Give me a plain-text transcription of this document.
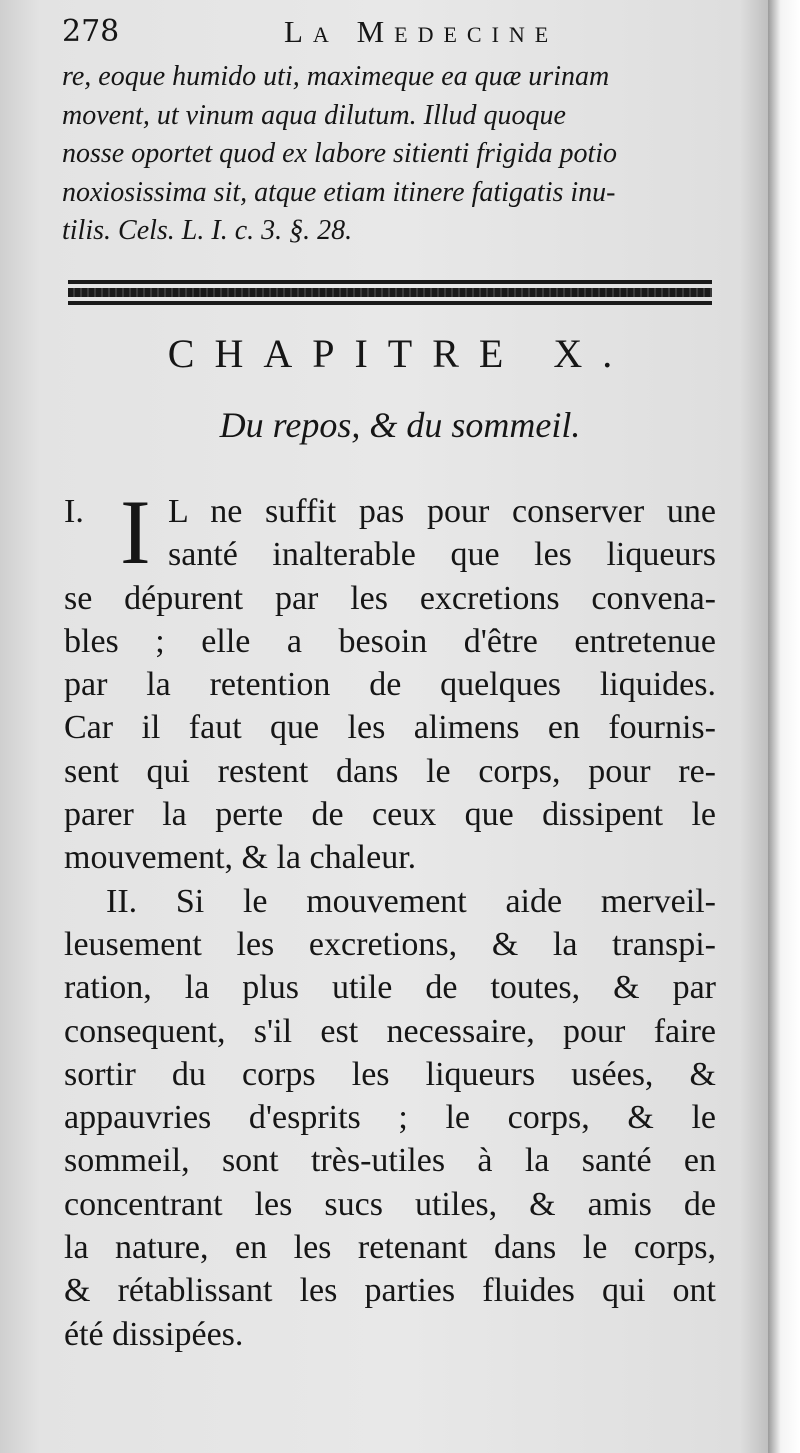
278	La Medecine

re, eoque humido uti, maximeque ea quæ urinam

movent, ut vinum aqua dilutum. Illud quoque

nosse oportet quod ex labore sitienti frigida potio

noxiosissima sit, atque etiam itinere fatigatis inu-

tilis. Cels. L. I. c. 3. §. 28.

CHAPITRE X.
Du repos, & du sommeil.
I. I L ne suffit pas pour conserver une
santé inalterable que les liqueurs
se dépurent par les excretions convena-
bles ; elle a besoin d'être entretenue
par la retention de quelques liquides.
Car il faut que les alimens en fournis-
sent qui restent dans le corps, pour re-
parer la perte de ceux que dissipent le
mouvement, & la chaleur.
II. Si le mouvement aide merveil-
leusement les excretions, & la transpi-
ration, la plus utile de toutes, & par
consequent, s'il est necessaire, pour faire
sortir du corps les liqueurs usées, &
appauvries d'esprits ; le corps, & le
sommeil, sont très-utiles à la santé en
concentrant les sucs utiles, & amis de
la nature, en les retenant dans le corps,
& rétablissant les parties fluides qui ont
été dissipées.
